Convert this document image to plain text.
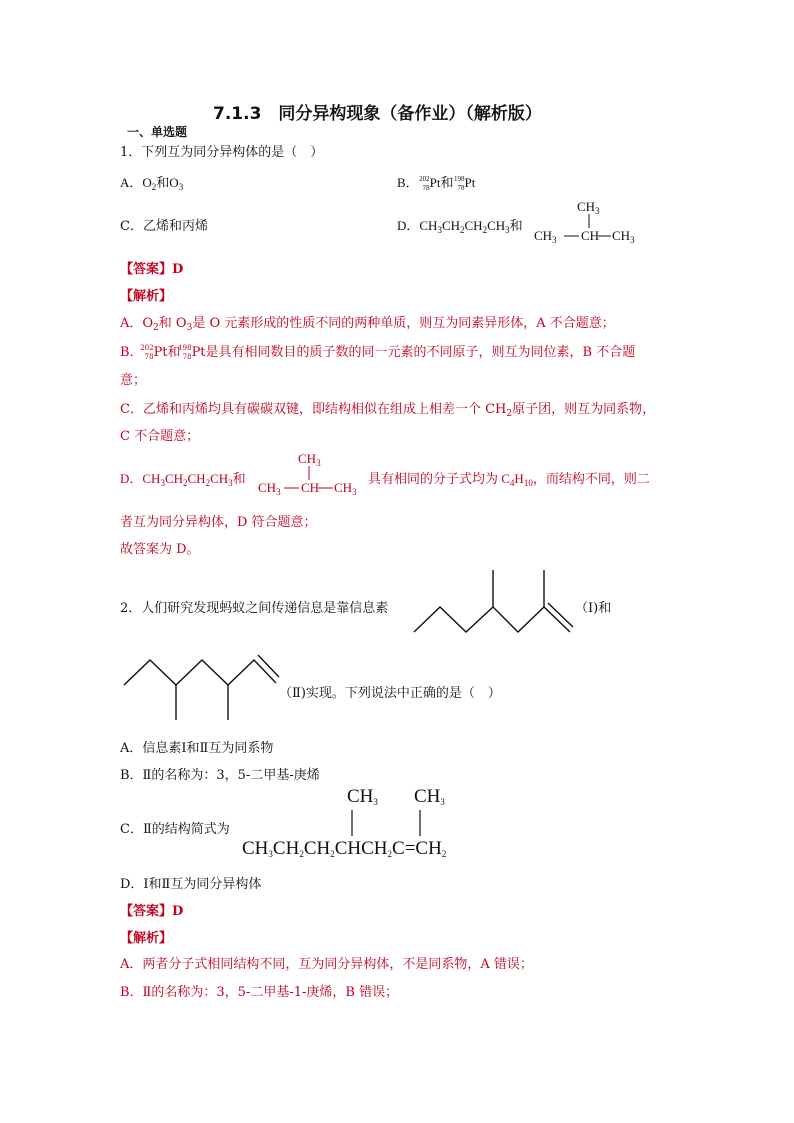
7.1.3　同分异构现象（备作业）（解析版）
一、单选题
1．下列互为同分异构体的是（　）
A．$O_2$和$O_3$	B． 202
78 Pt和 198
78 Pt
C．乙烯和丙烯	D．$CH_3CH_2CH_2CH_3$和
$CH_3$
$CH_3$ CH $CH_3$
【答案】D
【解析】
A．$O_2$和 $O_3$是 O 元素形成的性质不同的两种单质，则互为同素异形体，A 不合题意；
B．
202
78 Pt和
198
78 Pt是具有相同数目的质子数的同一元素的不同原子，则互为同位素，B 不合题
意；
C．乙烯和丙烯均具有碳碳双键，即结构相似在组成上相差一个 $CH_2$原子团，则互为同系物，
C 不合题意；
D．$CH_3CH_2CH_2CH_3$和
$CH_3$
$CH_3$ CH $CH_3$
具有相同的分子式均为 $C_4H_{10}$，而结构不同，则二
者互为同分异构体，D 符合题意；
故答案为 D。
2．人们研究发现蚂蚁之间传递信息是靠信息素	（Ⅰ)和
（Ⅱ)实现。下列说法中正确的是（　）
A．信息素Ⅰ和Ⅱ互为同系物
B．Ⅱ的名称为：3，5-二甲基-庚烯
$CH_3$ $CH_3$
C．Ⅱ的结构简式为
$CH_3CH_2CH_2CHCH_2C=CH_2$
D．Ⅰ和Ⅱ互为同分异构体
【答案】D
【解析】
A．两者分子式相同结构不同，互为同分异构体，不是同系物，A 错误；
B．Ⅱ的名称为：3，5-二甲基-1-庚烯，B 错误；
